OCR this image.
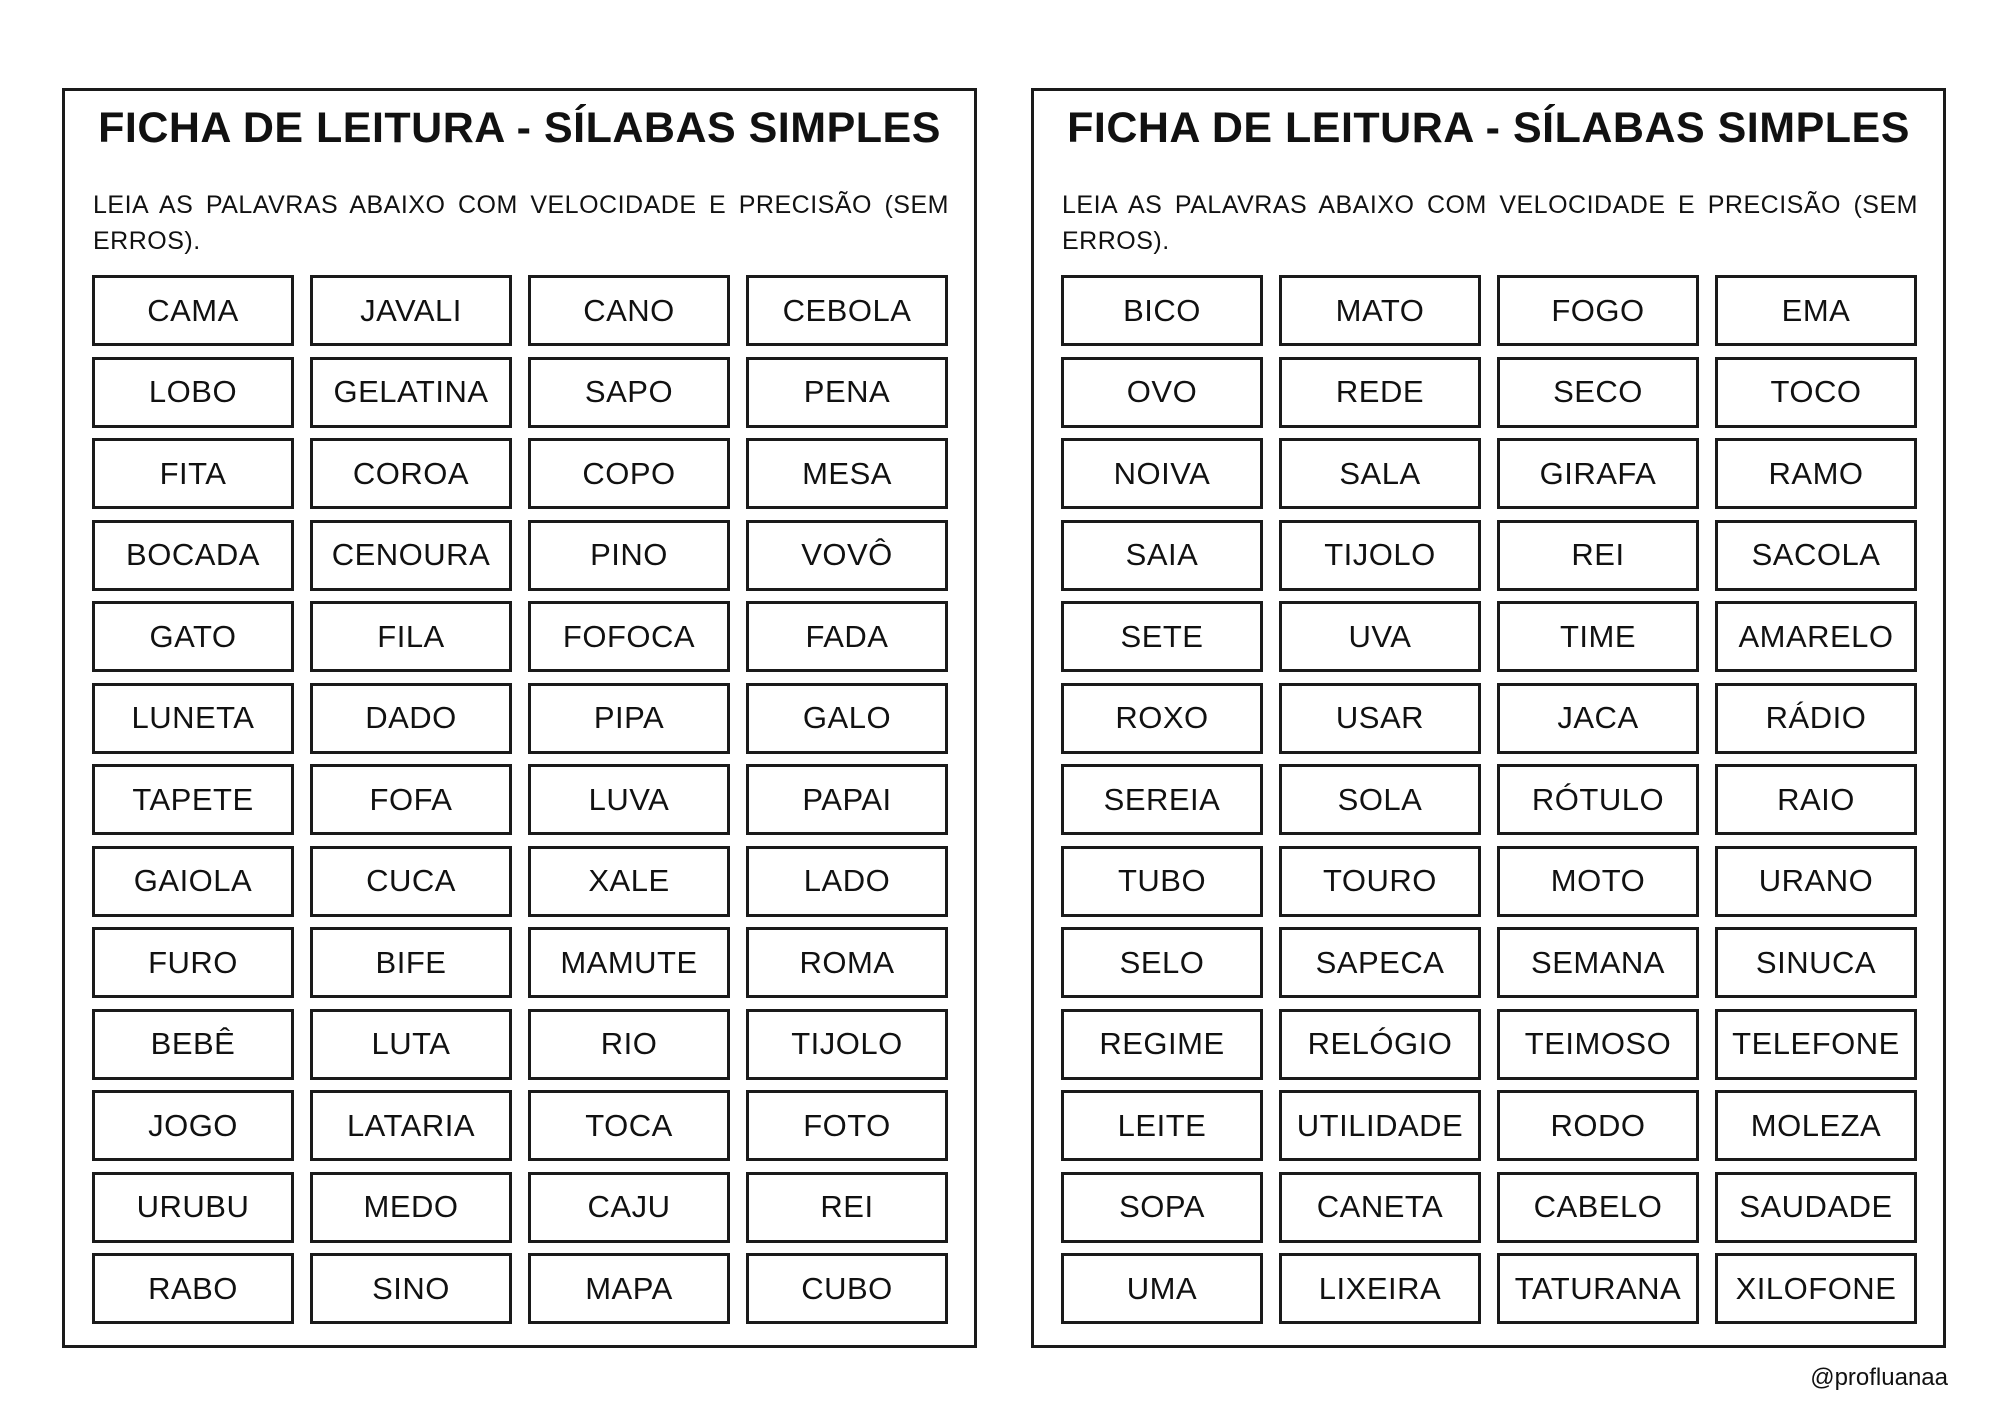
FICHA DE LEITURA - SÍLABAS SIMPLES

LEIA AS PALAVRAS ABAIXO COM VELOCIDADE E PRECISÃO (SEM ERROS).

CAMA	JAVALI	CANO	CEBOLA
LOBO	GELATINA	SAPO	PENA
FITA	COROA	COPO	MESA
BOCADA	CENOURA	PINO	VOVÔ
GATO	FILA	FOFOCA	FADA
LUNETA	DADO	PIPA	GALO
TAPETE	FOFA	LUVA	PAPAI
GAIOLA	CUCA	XALE	LADO
FURO	BIFE	MAMUTE	ROMA
BEBÊ	LUTA	RIO	TIJOLO
JOGO	LATARIA	TOCA	FOTO
URUBU	MEDO	CAJU	REI
RABO	SINO	MAPA	CUBO
FICHA DE LEITURA - SÍLABAS SIMPLES

LEIA AS PALAVRAS ABAIXO COM VELOCIDADE E PRECISÃO (SEM ERROS).

BICO	MATO	FOGO	EMA
OVO	REDE	SECO	TOCO
NOIVA	SALA	GIRAFA	RAMO
SAIA	TIJOLO	REI	SACOLA
SETE	UVA	TIME	AMARELO
ROXO	USAR	JACA	RÁDIO
SEREIA	SOLA	RÓTULO	RAIO
TUBO	TOURO	MOTO	URANO
SELO	SAPECA	SEMANA	SINUCA
REGIME	RELÓGIO	TEIMOSO	TELEFONE
LEITE	UTILIDADE	RODO	MOLEZA
SOPA	CANETA	CABELO	SAUDADE
UMA	LIXEIRA	TATURANA	XILOFONE
@profluanaa
